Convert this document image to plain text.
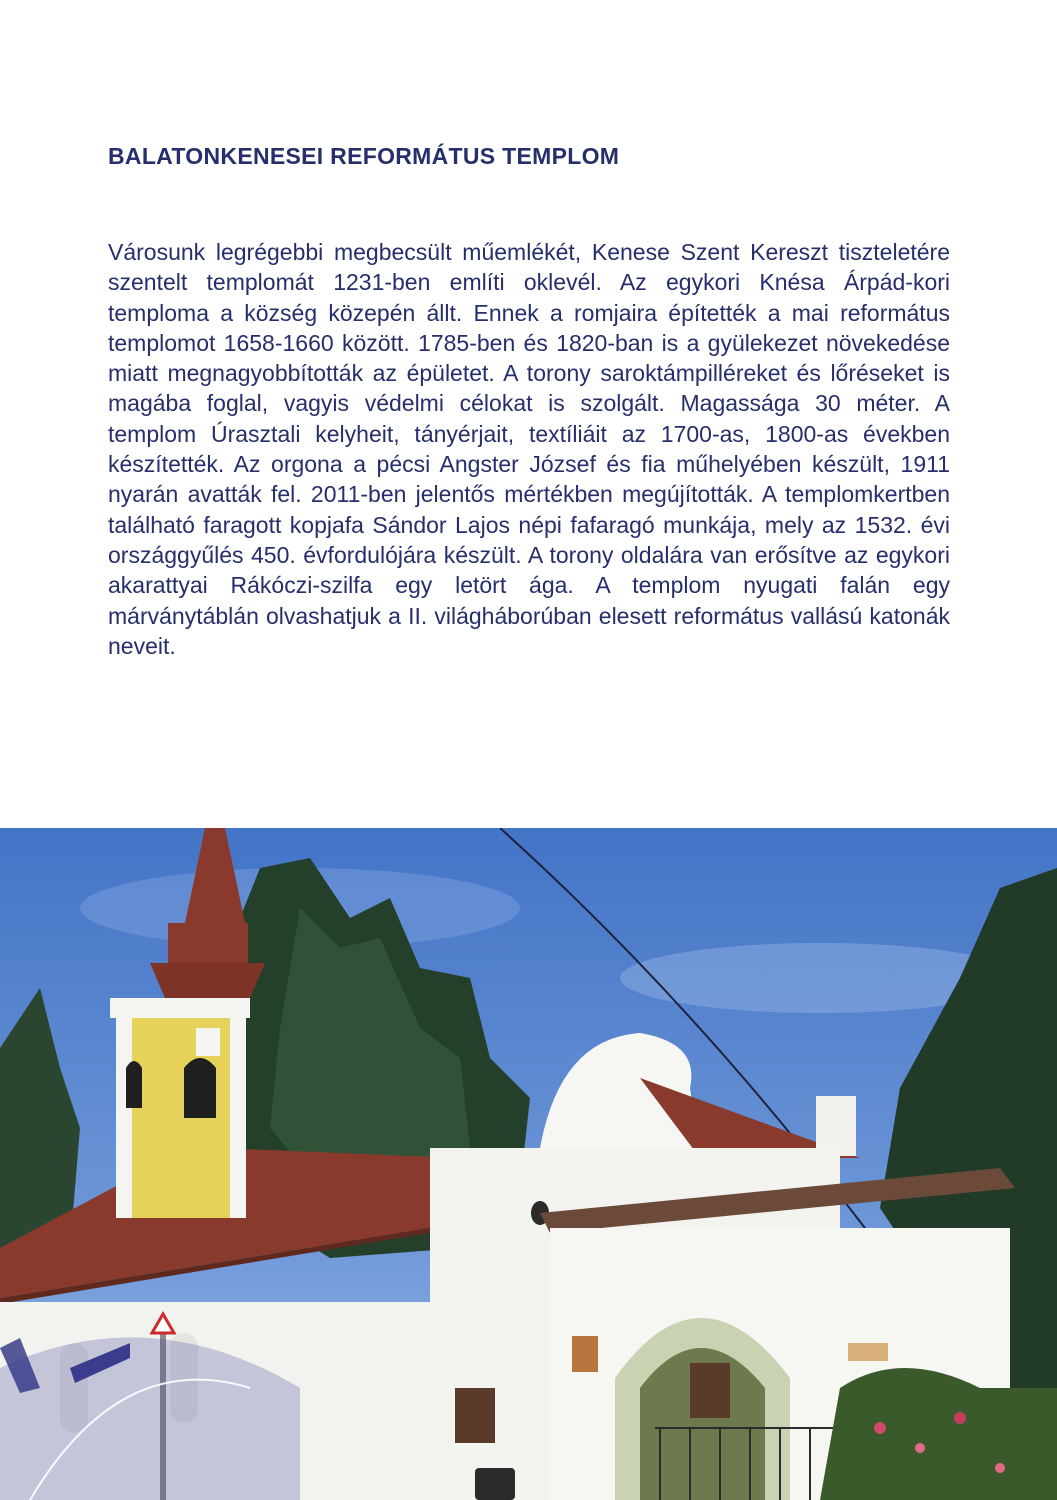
BALATONKENESEI REFORMÁTUS TEMPLOM

Városunk legrégebbi megbecsült műemlékét, Kenese Szent Kereszt tiszteletére szentelt templomát 1231-ben említi oklevél. Az egykori Knésa Árpád-kori temploma a község közepén állt. Ennek a romjaira építették a mai református templomot 1658-1660 között. 1785-ben és 1820-ban is a gyülekezet növekedése miatt megnagyobbították az épületet. A torony saroktámpilléreket és lőréseket is magába foglal, vagyis védelmi célokat is szolgált. Magassága 30 méter. A templom Úrasztali kelyheit, tányérjait, textíliáit az 1700-as, 1800-as években készítették. Az orgona a pécsi Angster József és fia műhelyében készült, 1911 nyarán avatták fel. 2011-ben jelentős mértékben megújították. A templomkertben található faragott kopjafa Sándor Lajos népi fafaragó munkája, mely az 1532. évi országgyűlés 450. évfordulójára készült. A torony oldalára van erősítve az egykori akarattyai Rákóczi-szilfa egy letört ága. A templom nyugati falán egy márványtáblán olvashatjuk a II. világháborúban elesett református vallású katonák neveit.
